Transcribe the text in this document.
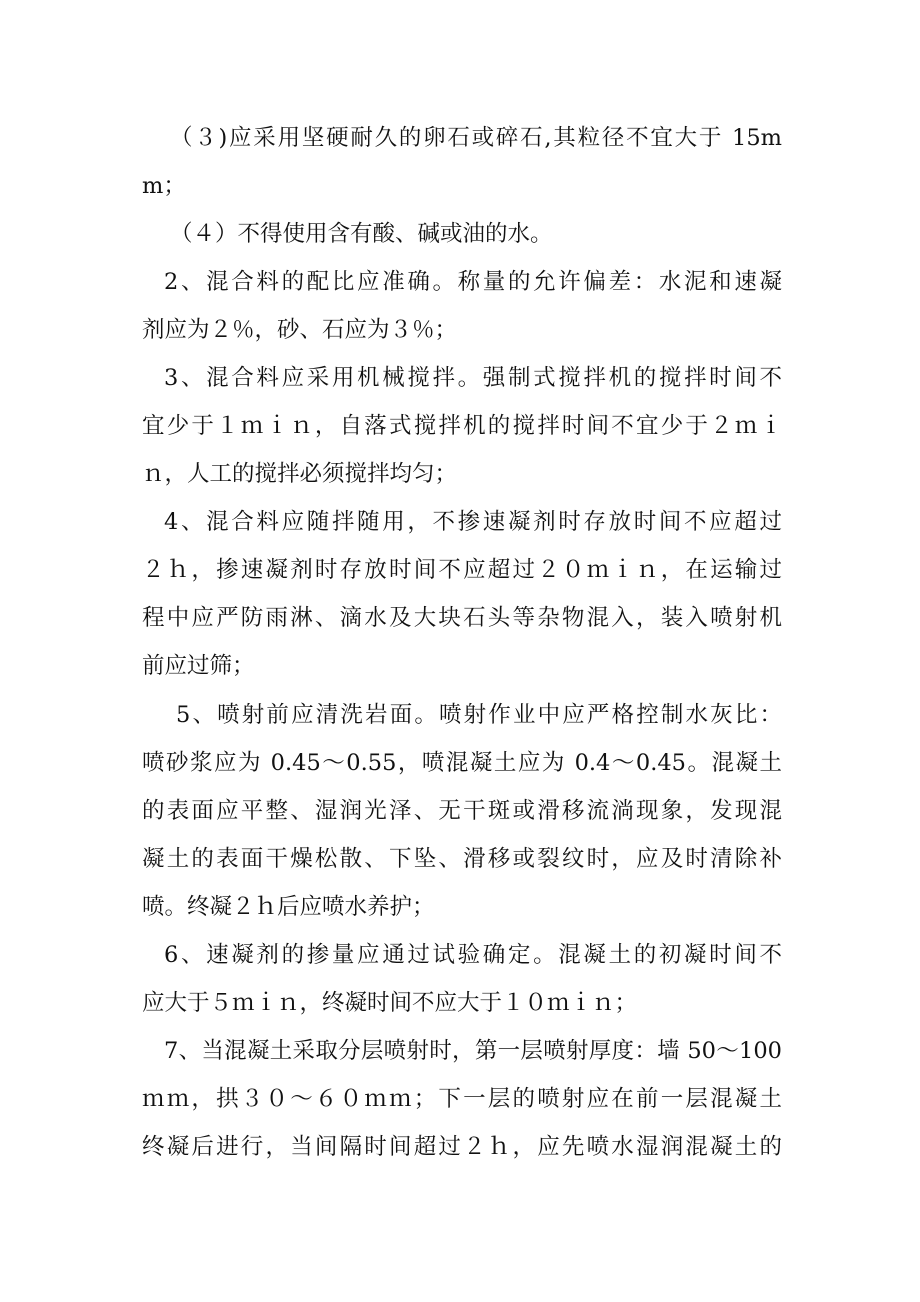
（３)应采用坚硬耐久的卵石或碎石,其粒径不宜大于 15m
m；
（４）不得使用含有酸、碱或油的水。
2、混合料的配比应准确。称量的允许偏差：水泥和速凝
剂应为２％，砂、石应为３％；
3、混合料应采用机械搅拌。强制式搅拌机的搅拌时间不
宜少于１ｍｉｎ，自落式搅拌机的搅拌时间不宜少于２ｍｉ
ｎ，人工的搅拌必须搅拌均匀；
4、混合料应随拌随用，不掺速凝剂时存放时间不应超过
２ｈ，掺速凝剂时存放时间不应超过２０ｍｉｎ，在运输过
程中应严防雨淋、滴水及大块石头等杂物混入，装入喷射机
前应过筛；
5、喷射前应清洗岩面。喷射作业中应严格控制水灰比：
喷砂浆应为 0.45～0.55，喷混凝土应为 0.4～0.45。混凝土
的表面应平整、湿润光泽、无干斑或滑移流淌现象，发现混
凝土的表面干燥松散、下坠、滑移或裂纹时，应及时清除补
喷。终凝２ｈ后应喷水养护；
6、速凝剂的掺量应通过试验确定。混凝土的初凝时间不
应大于５ｍｉｎ，终凝时间不应大于１０ｍｉｎ；
7、当混凝土采取分层喷射时，第一层喷射厚度：墙 50～100
ｍｍ，拱３０～６０ｍｍ；下一层的喷射应在前一层混凝土
终凝后进行，当间隔时间超过２ｈ，应先喷水湿润混凝土的
